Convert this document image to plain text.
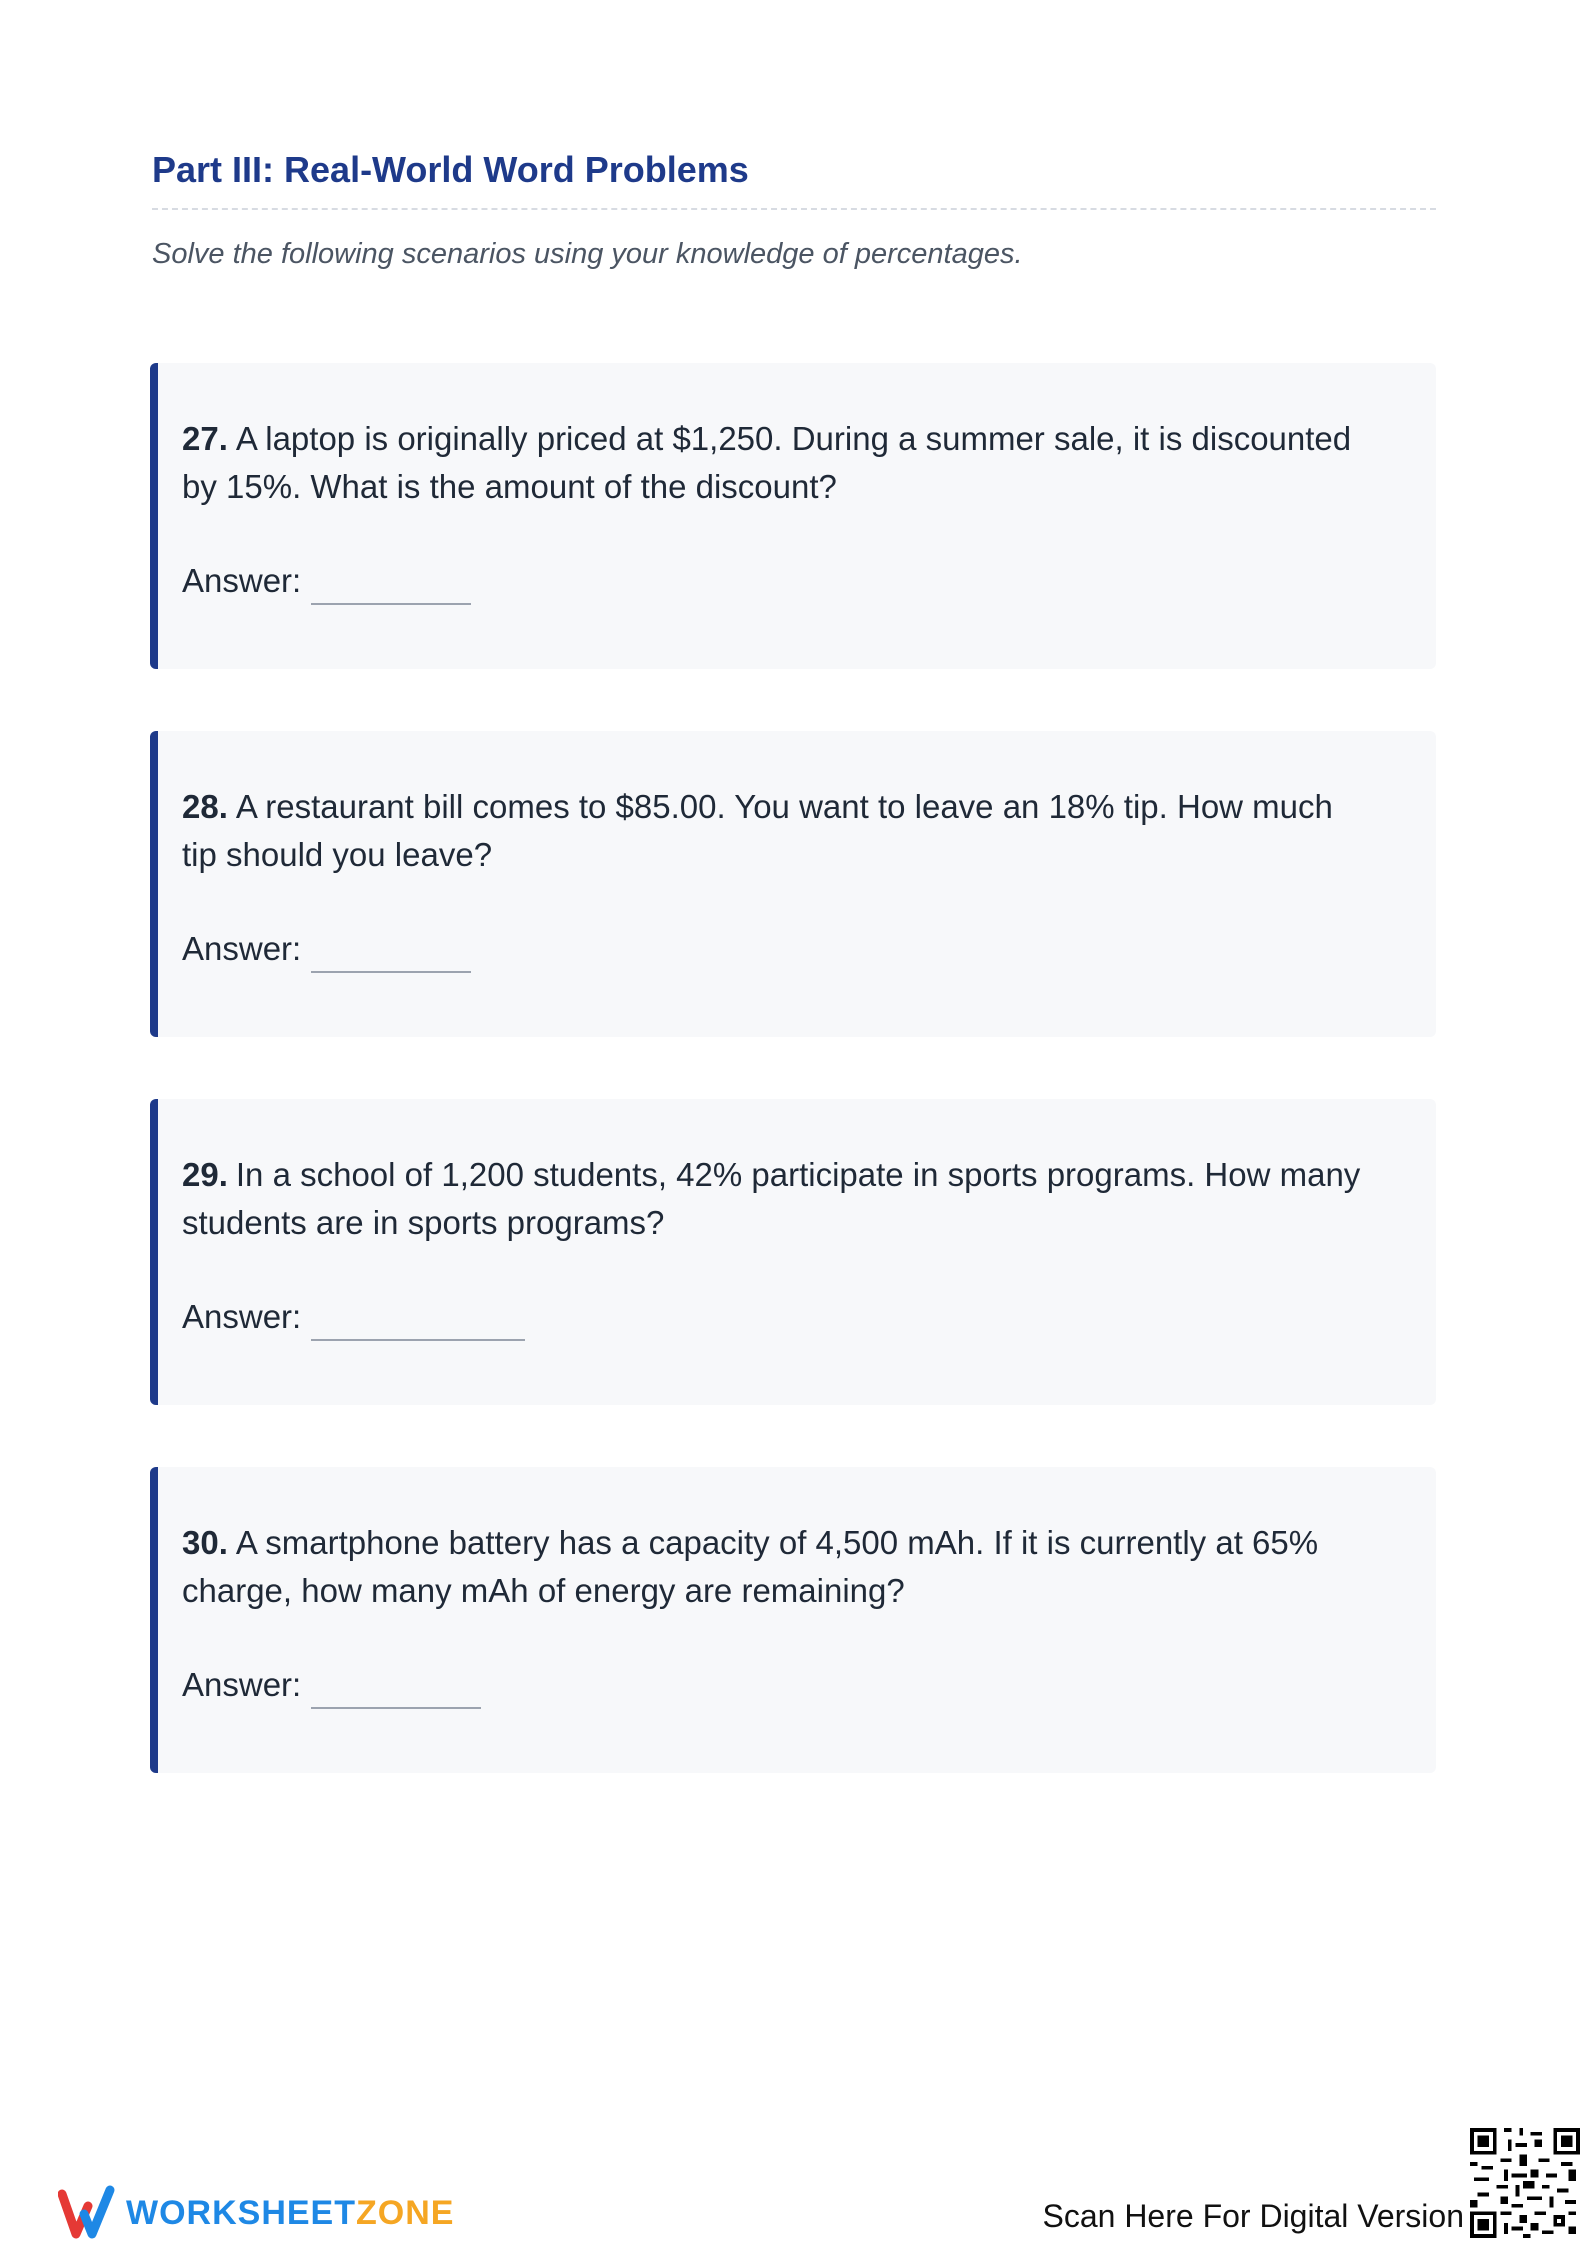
Part III: Real-World Word Problems
Solve the following scenarios using your knowledge of percentages.

27. A laptop is originally priced at $1,250. During a summer sale, it is discounted by 15%. What is the amount of the discount?

Answer:

28. A restaurant bill comes to $85.00. You want to leave an 18% tip. How much tip should you leave?

Answer:

29. In a school of 1,200 students, 42% participate in sports programs. How many students are in sports programs?

Answer:

30. A smartphone battery has a capacity of 4,500 mAh. If it is currently at 65% charge, how many mAh of energy are remaining?

Answer:
WORKSHEETZONE	Scan Here For Digital Version
